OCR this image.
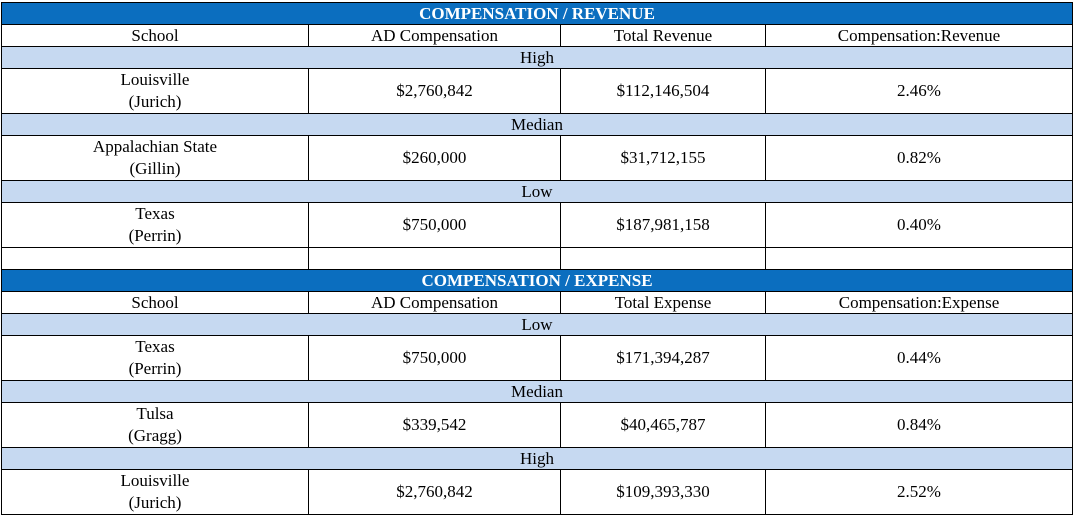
COMPENSATION / REVENUE			
School	AD Compensation	Total Revenue	Compensation:Revenue
High			

Louisville
(Jurich)	$2,760,842	$112,146,504	2.46%
Median			

Appalachian State
(Gillin)	$260,000	$31,712,155	0.82%
Low			

Texas
(Perrin)	$750,000	$187,981,158	0.40%

COMPENSATION / EXPENSE			
School	AD Compensation	Total Expense	Compensation:Expense
Low			

Texas
(Perrin)	$750,000	$171,394,287	0.44%
Median			

Tulsa
(Gragg)	$339,542	$40,465,787	0.84%
High			

Louisville
(Jurich)	$2,760,842	$109,393,330	2.52%
